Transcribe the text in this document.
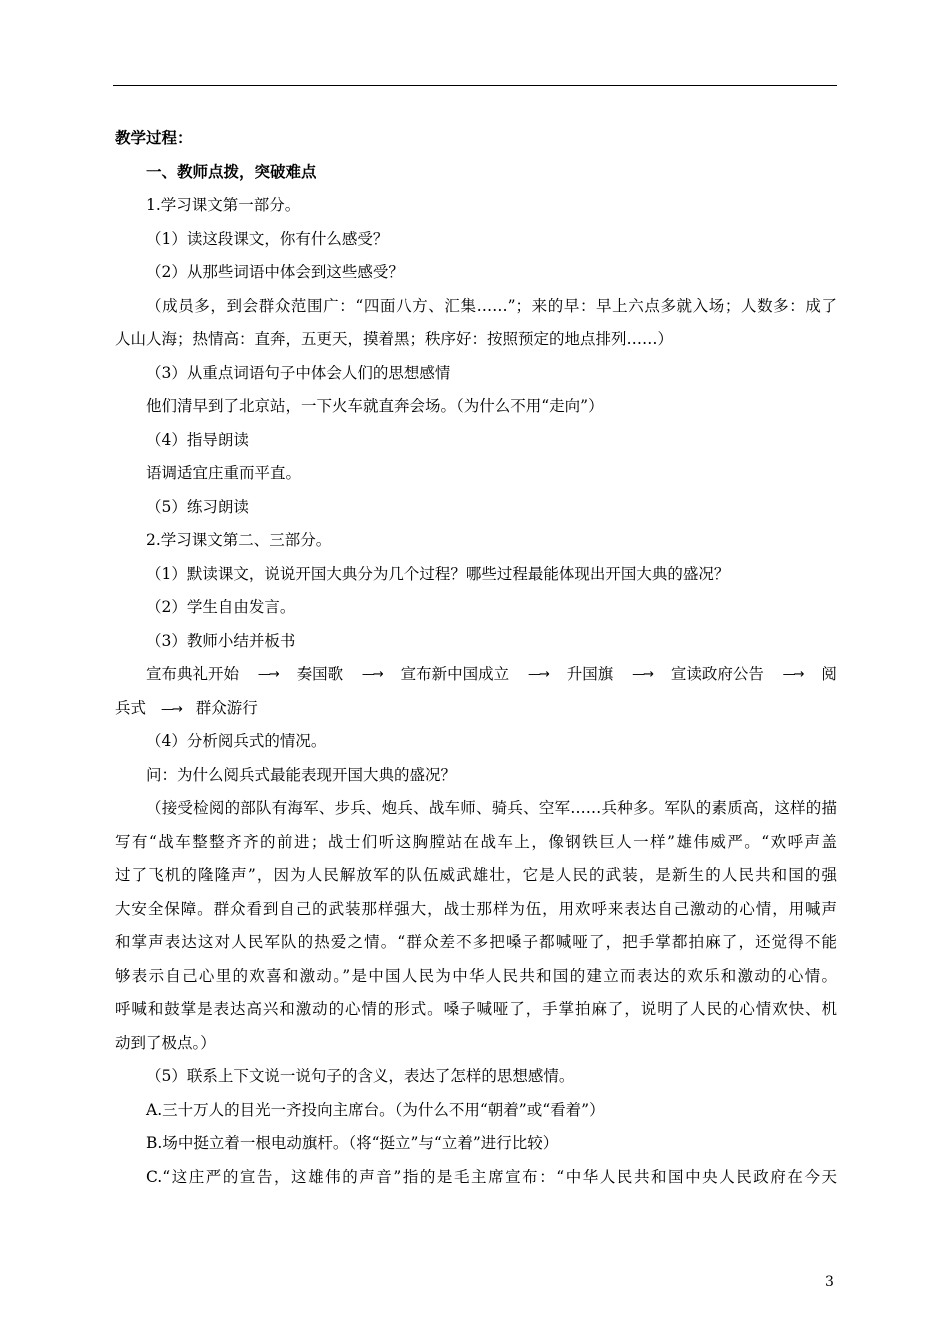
教学过程：
一、教师点拨，突破难点
1.学习课文第一部分。
（1）读这段课文，你有什么感受？
（2）从那些词语中体会到这些感受？
（成员多，到会群众范围广：“四面八方、汇集……”；来的早：早上六点多就入场；人数多：成了
人山人海；热情高：直奔，五更天，摸着黑；秩序好：按照预定的地点排列……）
（3）从重点词语句子中体会人们的思想感情
他们清早到了北京站，一下火车就直奔会场。（为什么不用“走向”）
（4）指导朗读
语调适宜庄重而平直。
（5）练习朗读
2.学习课文第二、三部分。
（1）默读课文，说说开国大典分为几个过程？哪些过程最能体现出开国大典的盛况？
（2）学生自由发言。
（3）教师小结并板书
宣布典礼开始 —→ 奏国歌 —→ 宣布新中国成立 —→ 升国旗 —→ 宣读政府公告 —→ 阅
兵式 —→ 群众游行
（4）分析阅兵式的情况。
问：为什么阅兵式最能表现开国大典的盛况？
（接受检阅的部队有海军、步兵、炮兵、战车师、骑兵、空军……兵种多。军队的素质高，这样的描
写有“战车整整齐齐的前进；战士们听这胸膛站在战车上，像钢铁巨人一样”雄伟威严。“欢呼声盖
过了飞机的隆隆声”，因为人民解放军的队伍威武雄壮，它是人民的武装，是新生的人民共和国的强
大安全保障。群众看到自己的武装那样强大，战士那样为伍，用欢呼来表达自己激动的心情，用喊声
和掌声表达这对人民军队的热爱之情。“群众差不多把嗓子都喊哑了，把手掌都拍麻了，还觉得不能
够表示自己心里的欢喜和激动。”是中国人民为中华人民共和国的建立而表达的欢乐和激动的心情。
呼喊和鼓掌是表达高兴和激动的心情的形式。嗓子喊哑了，手掌拍麻了，说明了人民的心情欢快、机
动到了极点。）
（5）联系上下文说一说句子的含义，表达了怎样的思想感情。
A.三十万人的目光一齐投向主席台。（为什么不用“朝着”或“看着”）
B.场中挺立着一根电动旗杆。（将“挺立”与“立着”进行比较）
C.“这庄严的宣告，这雄伟的声音”指的是毛主席宣布：“中华人民共和国中央人民政府在今天
3
